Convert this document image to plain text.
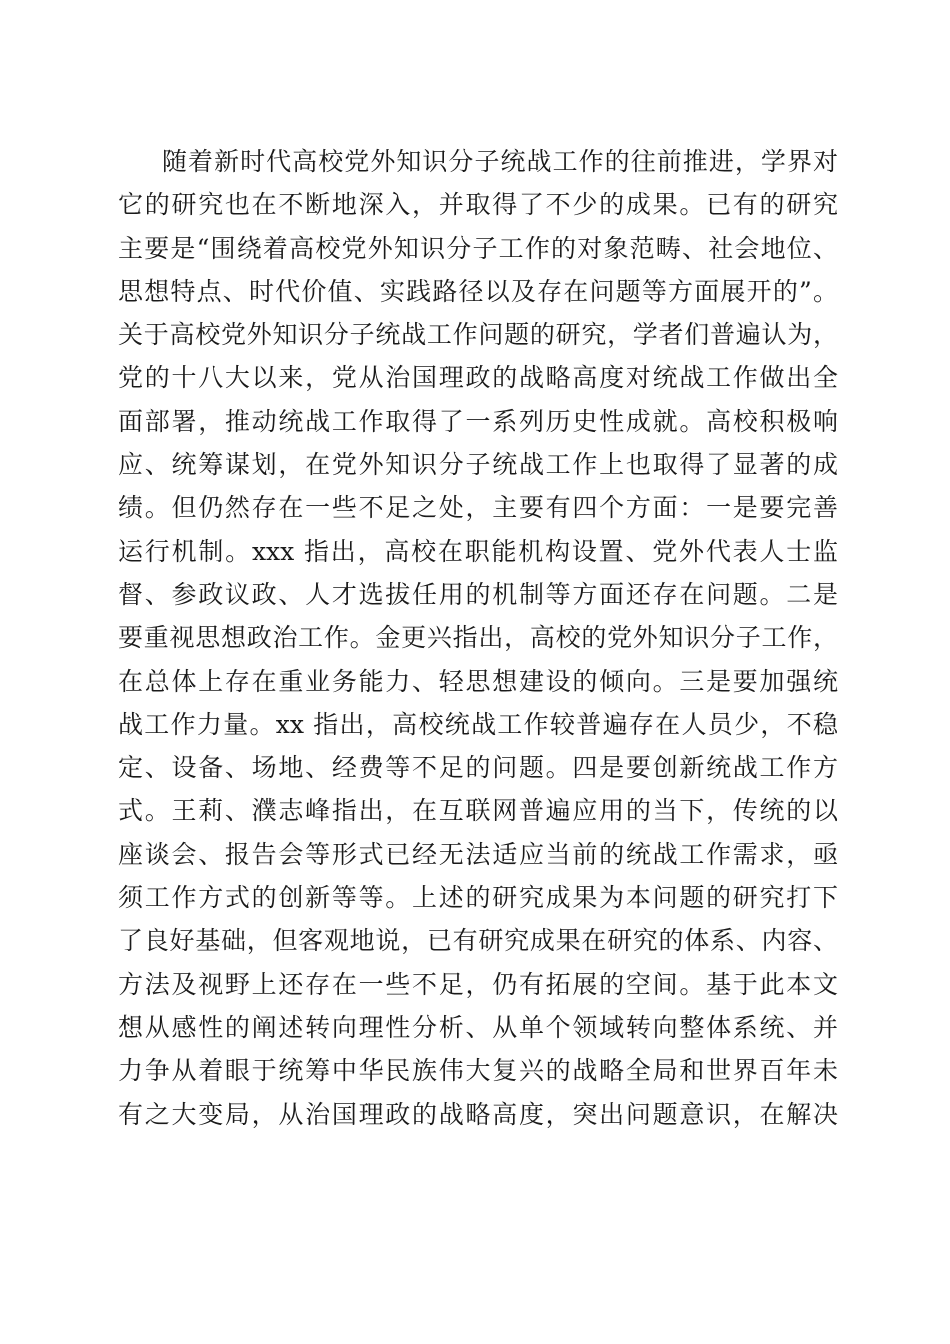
随着新时代高校党外知识分子统战工作的往前推进，学界对
它的研究也在不断地深入，并取得了不少的成果。已有的研究
主要是“围绕着高校党外知识分子工作的对象范畴、社会地位、
思想特点、时代价值、实践路径以及存在问题等方面展开的”。
关于高校党外知识分子统战工作问题的研究，学者们普遍认为，
党的十八大以来，党从治国理政的战略高度对统战工作做出全
面部署，推动统战工作取得了一系列历史性成就。高校积极响
应、统筹谋划，在党外知识分子统战工作上也取得了显著的成
绩。但仍然存在一些不足之处，主要有四个方面：一是要完善
运行机制。xxx 指出，高校在职能机构设置、党外代表人士监
督、参政议政、人才选拔任用的机制等方面还存在问题。二是
要重视思想政治工作。金更兴指出，高校的党外知识分子工作，
在总体上存在重业务能力、轻思想建设的倾向。三是要加强统
战工作力量。xx 指出，高校统战工作较普遍存在人员少，不稳
定、设备、场地、经费等不足的问题。四是要创新统战工作方
式。王莉、濮志峰指出，在互联网普遍应用的当下，传统的以
座谈会、报告会等形式已经无法适应当前的统战工作需求，亟
须工作方式的创新等等。上述的研究成果为本问题的研究打下
了良好基础，但客观地说，已有研究成果在研究的体系、内容、
方法及视野上还存在一些不足，仍有拓展的空间。基于此本文
想从感性的阐述转向理性分析、从单个领域转向整体系统、并
力争从着眼于统筹中华民族伟大复兴的战略全局和世界百年未
有之大变局，从治国理政的战略高度，突出问题意识，在解决
